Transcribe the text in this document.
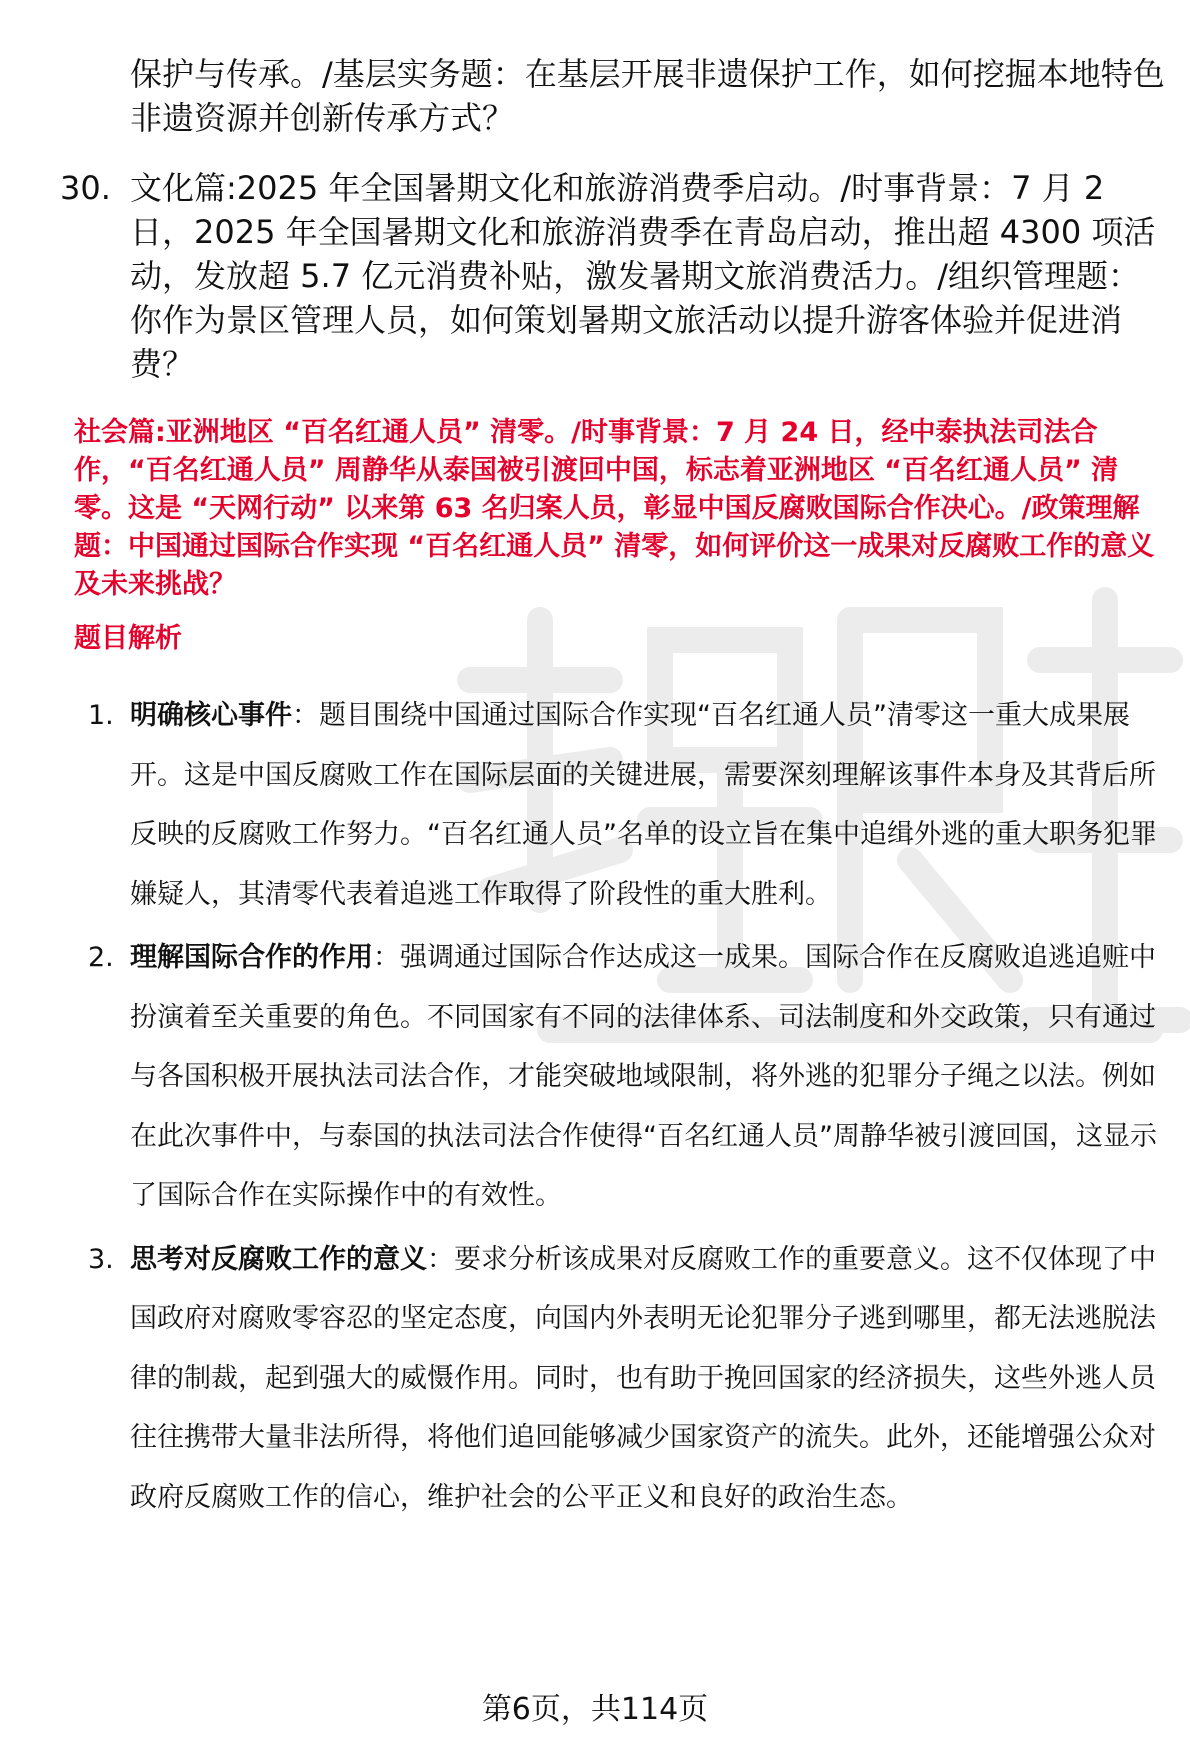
保护与传承。/基层实务题：在基层开展非遗保护工作，如何挖掘本地特色非遗资源并创新传承方式？

30. 文化篇:2025 年全国暑期文化和旅游消费季启动。/时事背景：7 月 2 日，2025 年全国暑期文化和旅游消费季在青岛启动，推出超 4300 项活动，发放超 5.7 亿元消费补贴，激发暑期文旅消费活力。/组织管理题：你作为景区管理人员，如何策划暑期文旅活动以提升游客体验并促进消费？

社会篇:亚洲地区 “百名红通人员” 清零。/时事背景：7 月 24 日，经中泰执法司法合作，“百名红通人员” 周静华从泰国被引渡回中国，标志着亚洲地区 “百名红通人员” 清零。这是 “天网行动” 以来第 63 名归案人员，彰显中国反腐败国际合作决心。/政策理解题：中国通过国际合作实现 “百名红通人员” 清零，如何评价这一成果对反腐败工作的意义及未来挑战？

题目解析

1. 明确核心事件：题目围绕中国通过国际合作实现“百名红通人员”清零这一重大成果展开。这是中国反腐败工作在国际层面的关键进展，需要深刻理解该事件本身及其背后所反映的反腐败工作努力。“百名红通人员”名单的设立旨在集中追缉外逃的重大职务犯罪嫌疑人，其清零代表着追逃工作取得了阶段性的重大胜利。
2. 理解国际合作的作用：强调通过国际合作达成这一成果。国际合作在反腐败追逃追赃中扮演着至关重要的角色。不同国家有不同的法律体系、司法制度和外交政策，只有通过与各国积极开展执法司法合作，才能突破地域限制，将外逃的犯罪分子绳之以法。例如在此次事件中，与泰国的执法司法合作使得“百名红通人员”周静华被引渡回国，这显示了国际合作在实际操作中的有效性。
3. 思考对反腐败工作的意义：要求分析该成果对反腐败工作的重要意义。这不仅体现了中国政府对腐败零容忍的坚定态度，向国内外表明无论犯罪分子逃到哪里，都无法逃脱法律的制裁，起到强大的威慑作用。同时，也有助于挽回国家的经济损失，这些外逃人员往往携带大量非法所得，将他们追回能够减少国家资产的流失。此外，还能增强公众对政府反腐败工作的信心，维护社会的公平正义和良好的政治生态。
第6页，共114页
